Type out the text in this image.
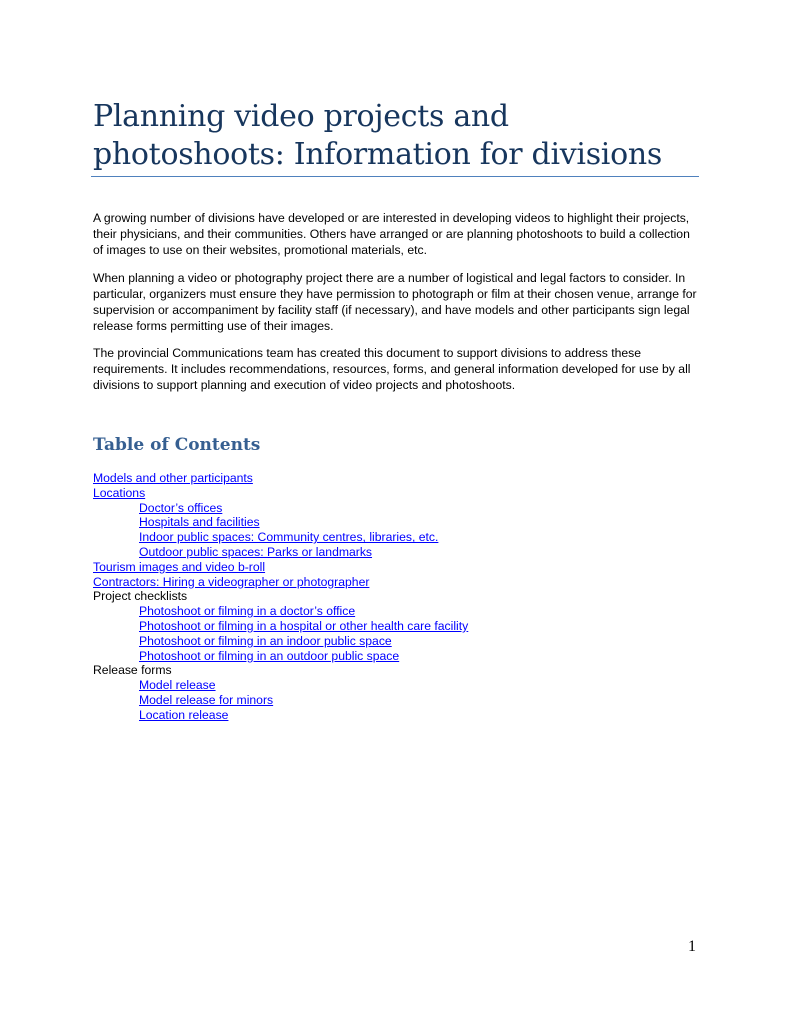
Planning video projects and photoshoots: Information for divisions

A growing number of divisions have developed or are interested in developing videos to highlight their projects, their physicians, and their communities. Others have arranged or are planning photoshoots to build a collection of images to use on their websites, promotional materials, etc.

When planning a video or photography project there are a number of logistical and legal factors to consider. In particular, organizers must ensure they have permission to photograph or film at their chosen venue, arrange for supervision or accompaniment by facility staff (if necessary), and have models and other participants sign legal release forms permitting use of their images.

The provincial Communications team has created this document to support divisions to address these requirements. It includes recommendations, resources, forms, and general information developed for use by all divisions to support planning and execution of video projects and photoshoots.

Table of Contents
Models and other participants
Locations
Doctor’s offices
Hospitals and facilities
Indoor public spaces: Community centres, libraries, etc.
Outdoor public spaces: Parks or landmarks
Tourism images and video b-roll
Contractors: Hiring a videographer or photographer
Project checklists
Photoshoot or filming in a doctor’s office
Photoshoot or filming in a hospital or other health care facility
Photoshoot or filming in an indoor public space
Photoshoot or filming in an outdoor public space
Release forms
Model release
Model release for minors
Location release
1
